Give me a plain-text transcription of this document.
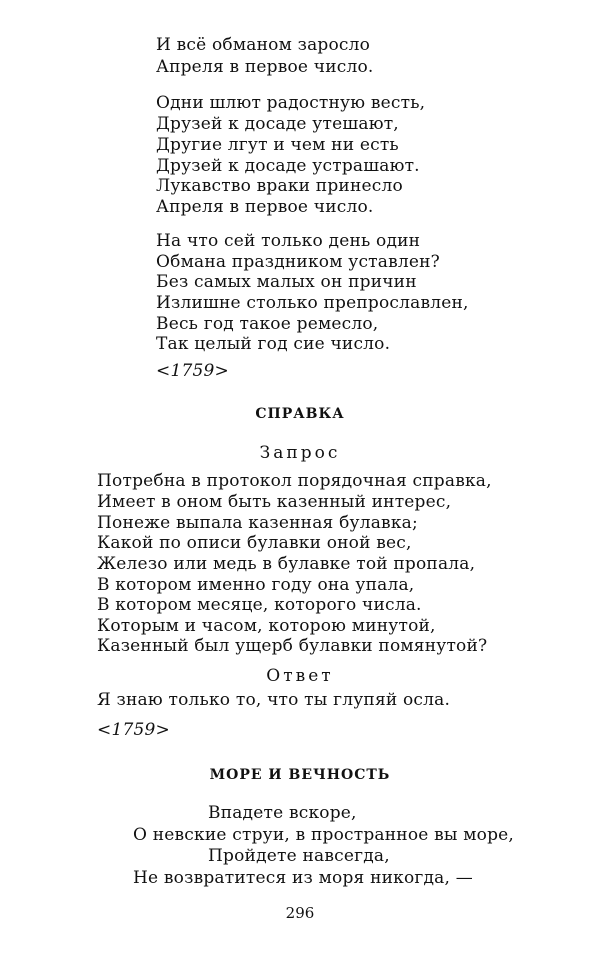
И всё обманом заросло
Апреля в первое число.
Одни шлют радостную весть,
Друзей к досаде утешают,
Другие лгут и чем ни есть
Друзей к досаде устрашают.
Лукавство враки принесло
Апреля в первое число.
На что сей только день один
Обмана праздником уставлен?
Без самых малых он причин
Излишне столько препрославлен,
Весь год такое ремесло,
Так целый год сие число.
<1759>
СПРАВКА
Запрос
Потребна в протокол порядочная справка,
Имеет в оном быть казенный интерес,
Понеже выпала казенная булавка;
Какой по описи булавки оной вес,
Железо или медь в булавке той пропала,
В котором именно году она упала,
В котором месяце, которого числа.
Которым и часом, которою минутой,
Казенный был ущерб булавки помянутой?
Ответ
Я знаю только то, что ты глупяй осла.
<1759>
МОРЕ И ВЕЧНОСТЬ
Впадете вскоре,
О невские струи, в пространное вы море,
Пройдете навсегда,
Не возвратитеся из моря никогда, —
296
